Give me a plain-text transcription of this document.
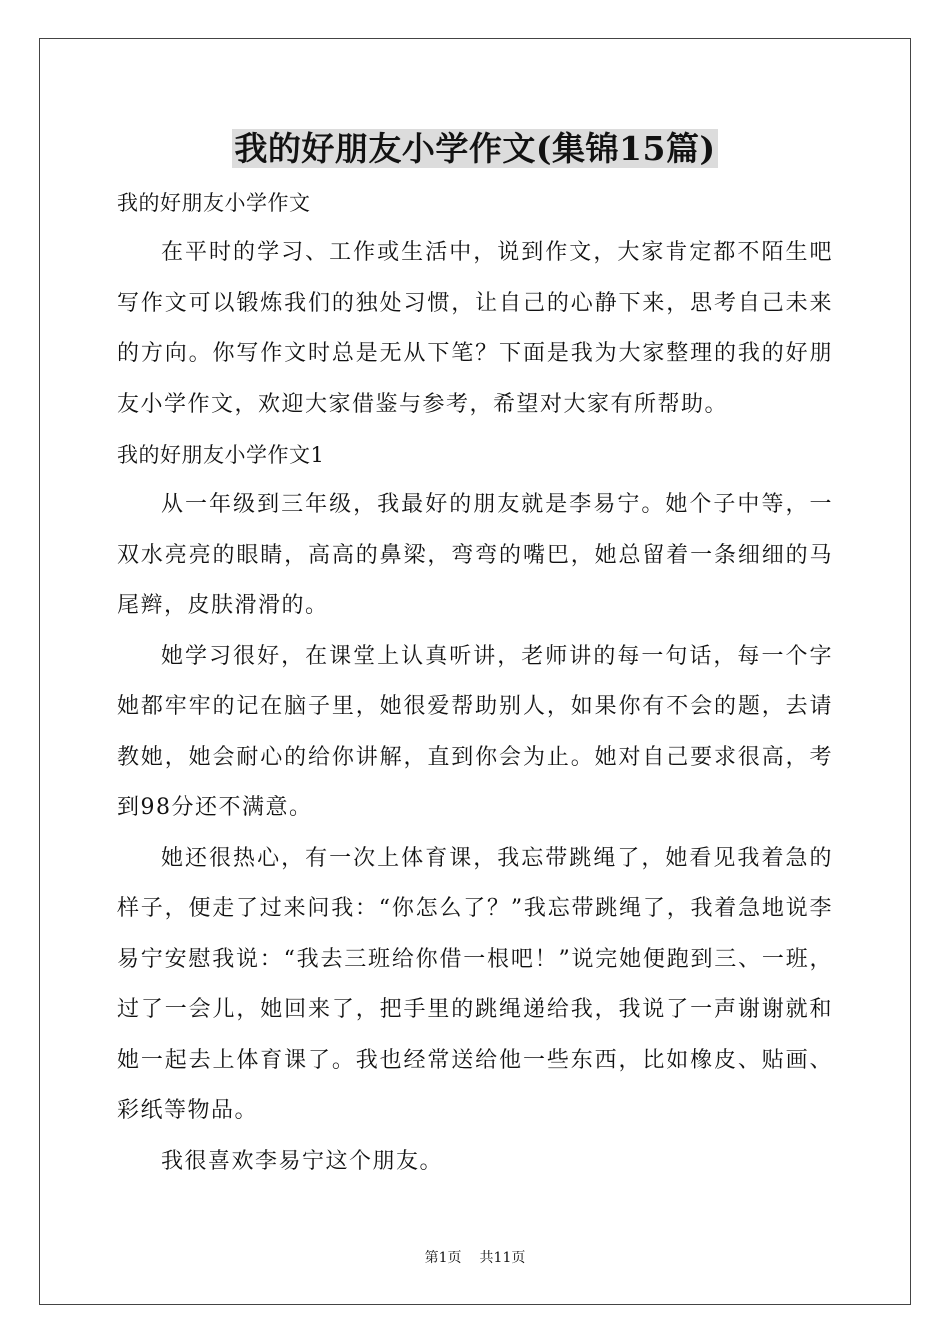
我的好朋友小学作文(集锦15篇)

我的好朋友小学作文

在平时的学习、工作或生活中，说到作文，大家肯定都不陌生吧写作文可以锻炼我们的独处习惯，让自己的心静下来，思考自己未来的方向。你写作文时总是无从下笔？下面是我为大家整理的我的好朋友小学作文，欢迎大家借鉴与参考，希望对大家有所帮助。

我的好朋友小学作文1

从一年级到三年级，我最好的朋友就是李易宁。她个子中等，一双水亮亮的眼睛，高高的鼻梁，弯弯的嘴巴，她总留着一条细细的马尾辫，皮肤滑滑的。

她学习很好，在课堂上认真听讲，老师讲的每一句话，每一个字她都牢牢的记在脑子里，她很爱帮助别人，如果你有不会的题，去请教她，她会耐心的给你讲解，直到你会为止。她对自己要求很高，考到98分还不满意。

她还很热心，有一次上体育课，我忘带跳绳了，她看见我着急的样子，便走了过来问我：“你怎么了？”我忘带跳绳了，我着急地说李易宁安慰我说：“我去三班给你借一根吧！”说完她便跑到三、一班，过了一会儿，她回来了，把手里的跳绳递给我，我说了一声谢谢就和她一起去上体育课了。我也经常送给他一些东西，比如橡皮、贴画、彩纸等物品。

我很喜欢李易宁这个朋友。

第1页 共11页
